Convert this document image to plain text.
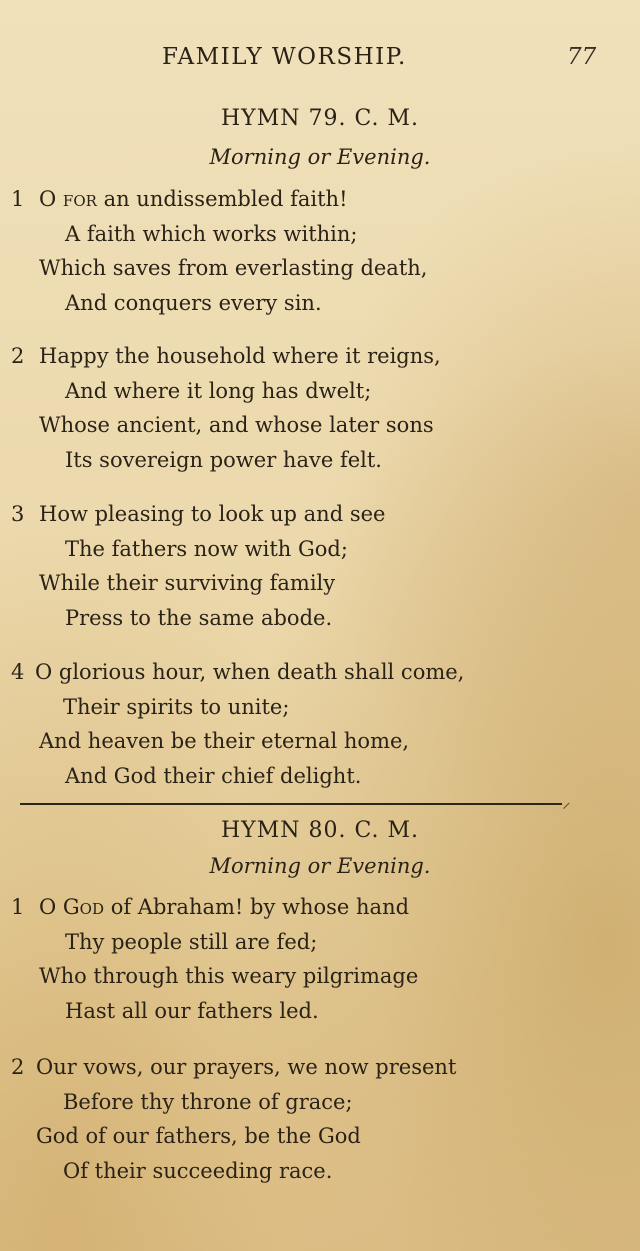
FAMILY WORSHIP.	77
HYMN 79. C. M.
Morning or Evening.
1 O for an undissembled faith!
A faith which works within;
Which saves from everlasting death,
And conquers every sin.
2 Happy the household where it reigns,
And where it long has dwelt;
Whose ancient, and whose later sons
Its sovereign power have felt.
3 How pleasing to look up and see
The fathers now with God;
While their surviving family
Press to the same abode.
4 O glorious hour, when death shall come,
Their spirits to unite;
And heaven be their eternal home,
And God their chief delight.
HYMN 80. C. M.
Morning or Evening.
1 O God of Abraham! by whose hand
Thy people still are fed;
Who through this weary pilgrimage
Hast all our fathers led.
2 Our vows, our prayers, we now present
Before thy throne of grace;
God of our fathers, be the God
Of their succeeding race.
